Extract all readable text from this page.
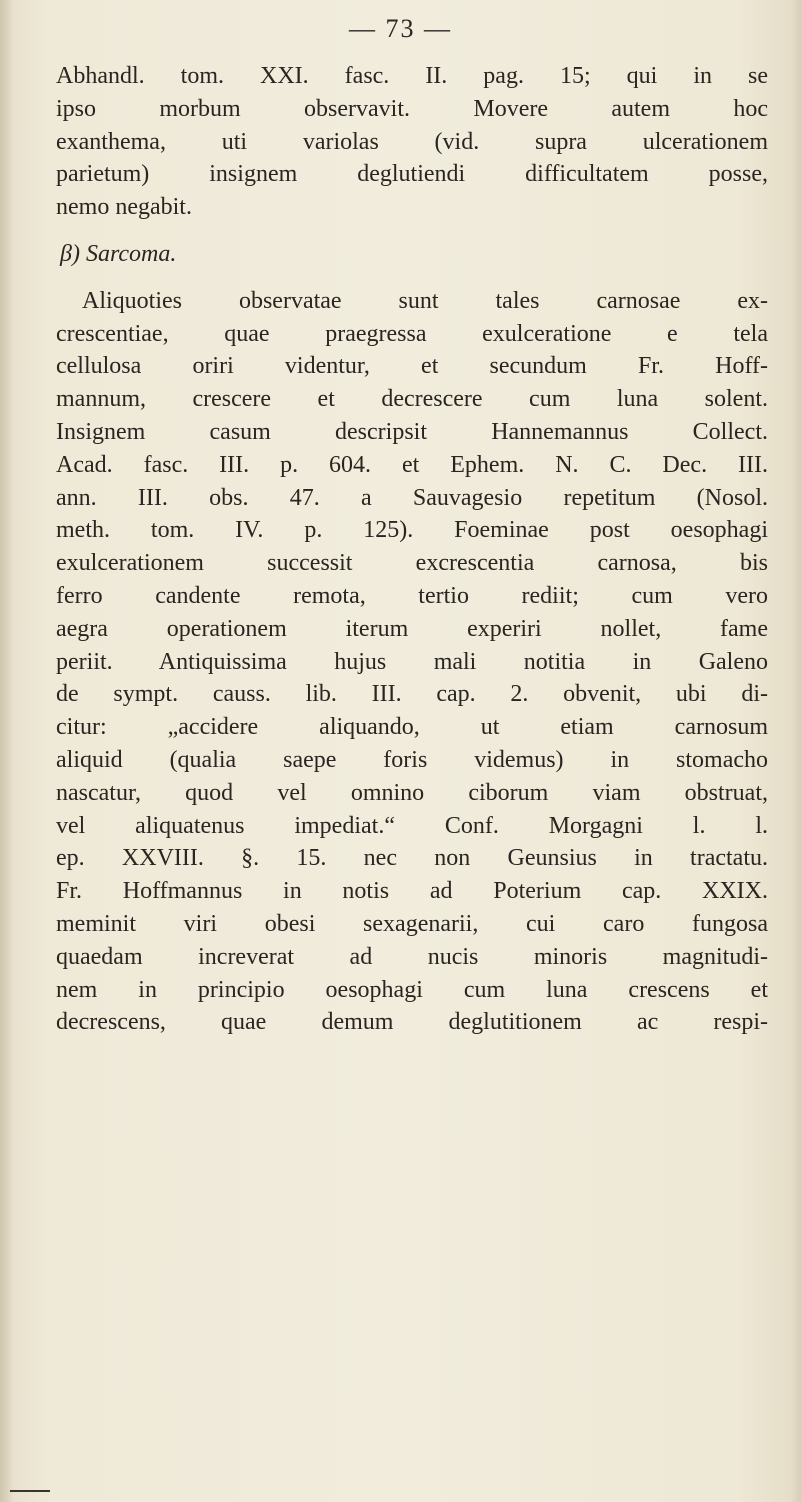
— 73 —
Abhandl. tom. XXI. fasc. II. pag. 15; qui in se
ipso morbum observavit. Movere autem hoc
exanthema, uti variolas (vid. supra ulcerationem
parietum) insignem deglutiendi difficultatem posse,
nemo negabit.
β) Sarcoma.
Aliquoties observatae sunt tales carnosae ex-
crescentiae, quae praegressa exulceratione e tela
cellulosa oriri videntur, et secundum Fr. Hoff-
mannum, crescere et decrescere cum luna solent.
Insignem casum descripsit Hannemannus Collect.
Acad. fasc. III. p. 604. et Ephem. N. C. Dec. III.
ann. III. obs. 47. a Sauvagesio repetitum (Nosol.
meth. tom. IV. p. 125). Foeminae post oesophagi
exulcerationem successit excrescentia carnosa, bis
ferro candente remota, tertio rediit; cum vero
aegra operationem iterum experiri nollet, fame
periit. Antiquissima hujus mali notitia in Galeno
de sympt. causs. lib. III. cap. 2. obvenit, ubi di-
citur: „accidere aliquando, ut etiam carnosum
aliquid (qualia saepe foris videmus) in stomacho
nascatur, quod vel omnino ciborum viam obstruat,
vel aliquatenus impediat.“ Conf. Morgagni l. l.
ep. XXVIII. §. 15. nec non Geunsius in tractatu.
Fr. Hoffmannus in notis ad Poterium cap. XXIX.
meminit viri obesi sexagenarii, cui caro fungosa
quaedam increverat ad nucis minoris magnitudi-
nem in principio oesophagi cum luna crescens et
decrescens, quae demum deglutitionem ac respi-
